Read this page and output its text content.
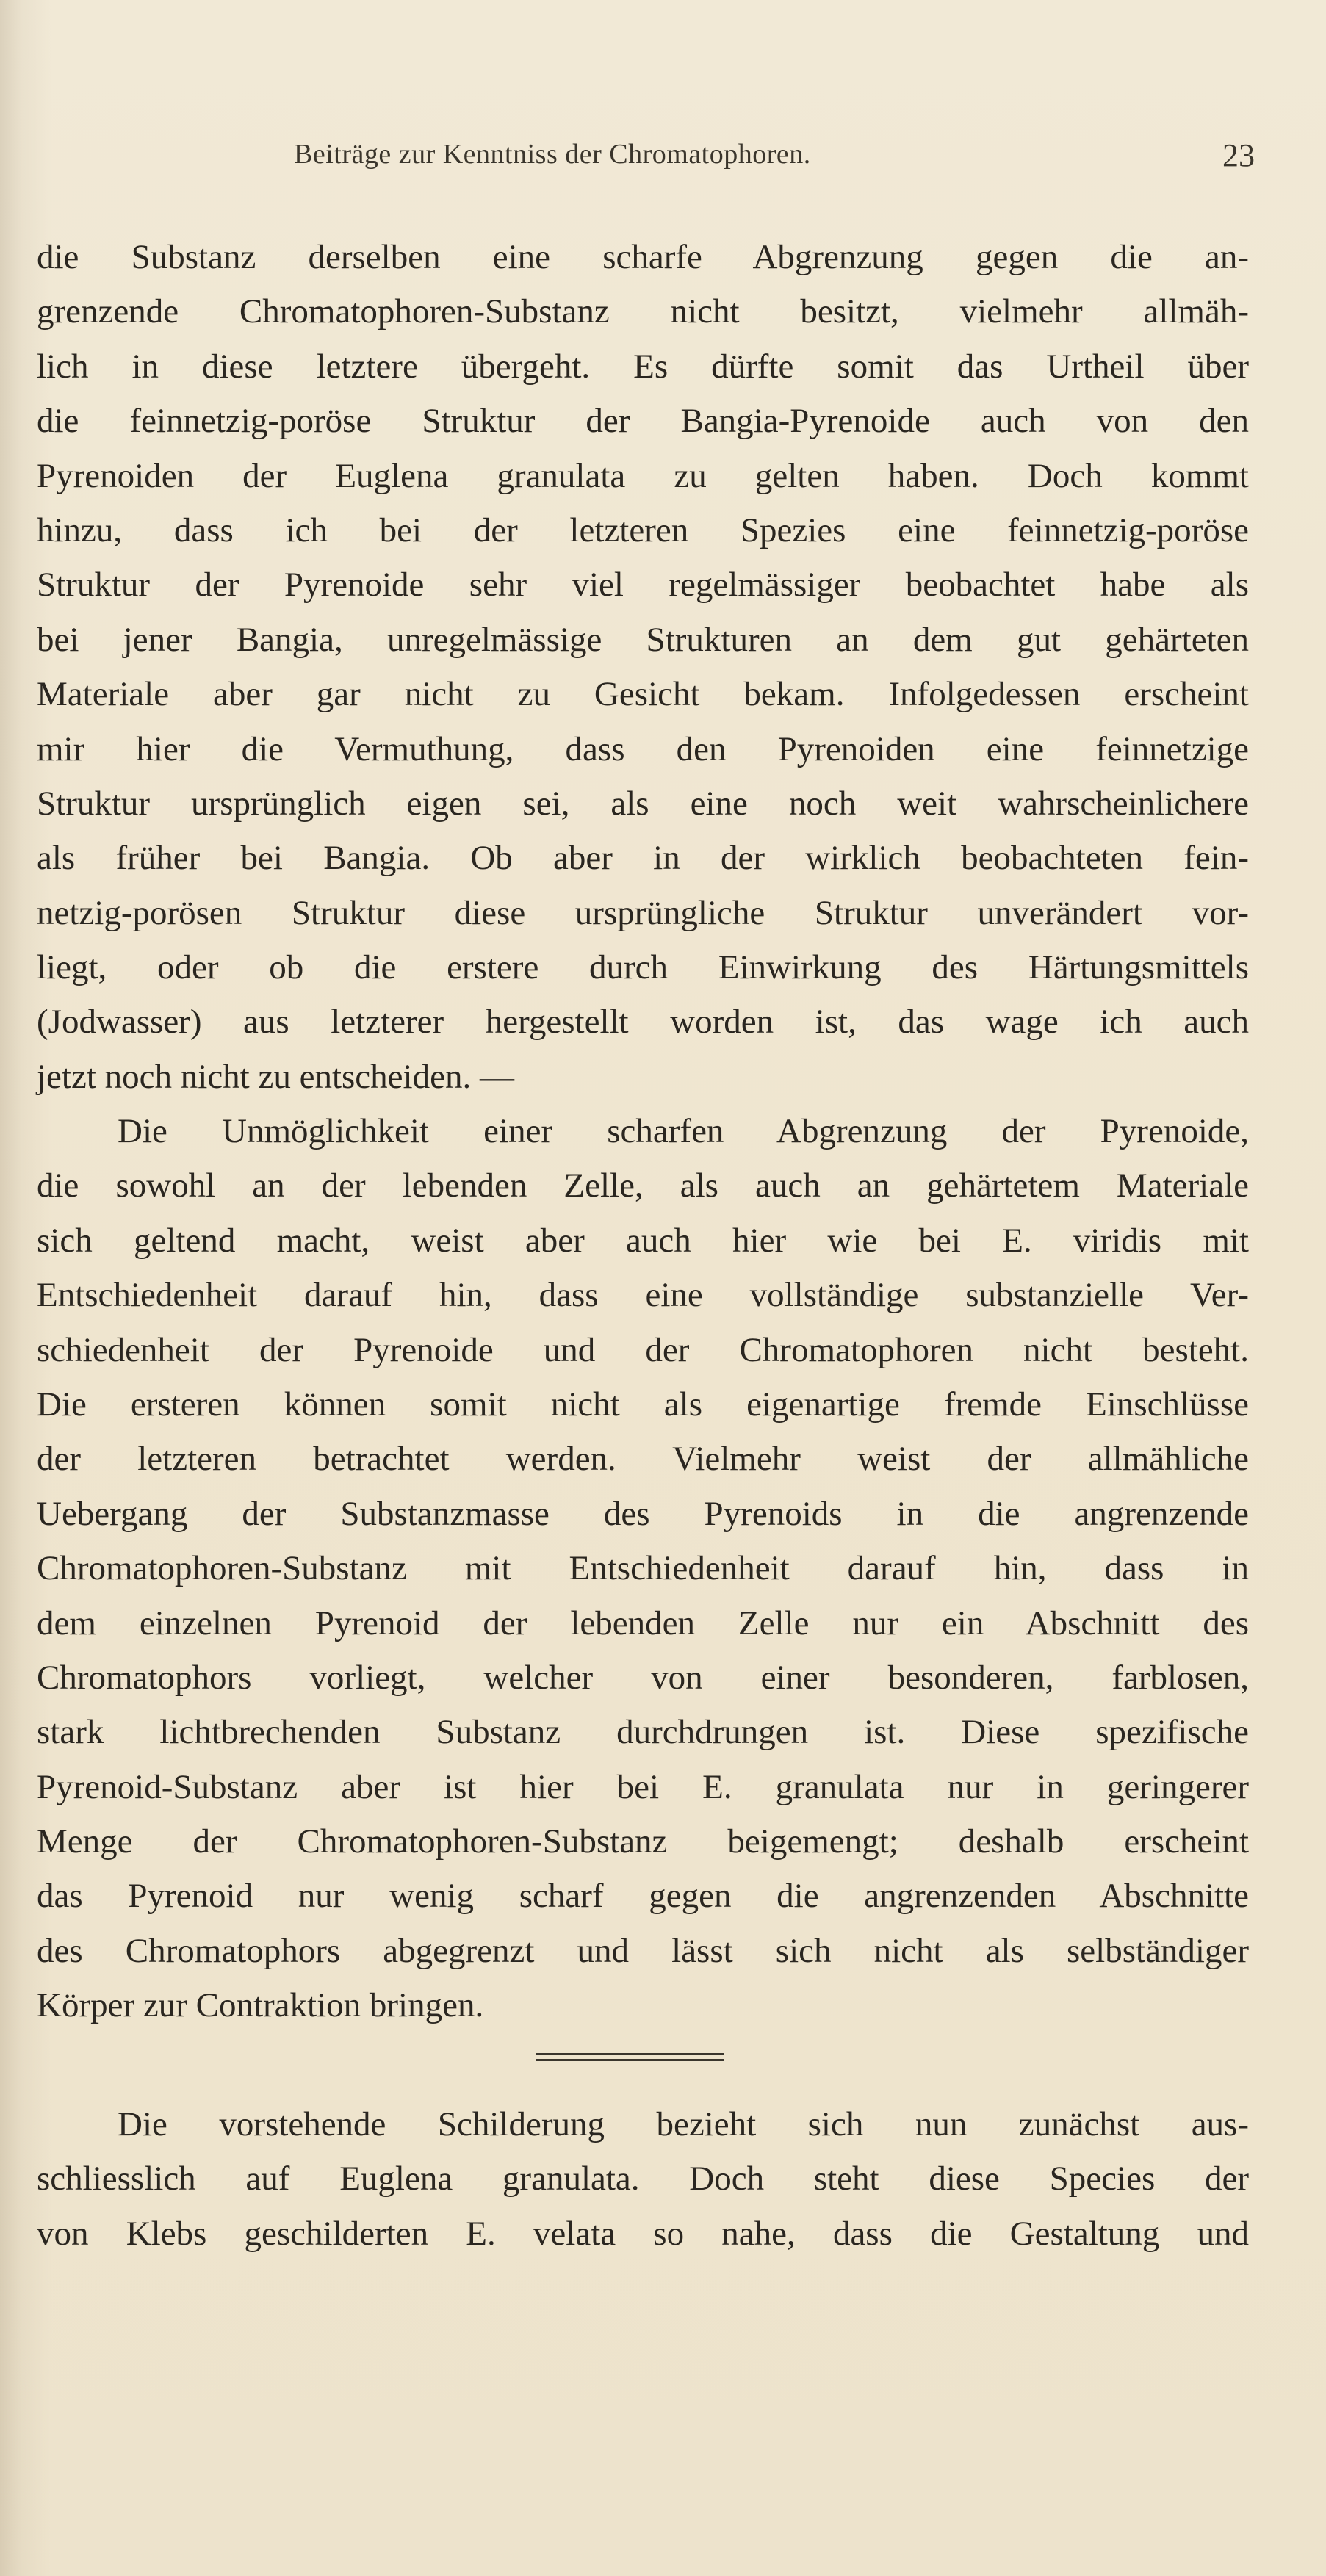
Beiträge zur Kenntniss der Chromatophoren.	23
die Substanz derselben eine scharfe Abgrenzung gegen die an-
grenzende Chromatophoren-Substanz nicht besitzt, vielmehr allmäh-
lich in diese letztere übergeht. Es dürfte somit das Urtheil über
die feinnetzig-poröse Struktur der Bangia-Pyrenoide auch von den
Pyrenoiden der Euglena granulata zu gelten haben. Doch kommt
hinzu, dass ich bei der letzteren Spezies eine feinnetzig-poröse
Struktur der Pyrenoide sehr viel regelmässiger beobachtet habe als
bei jener Bangia, unregelmässige Strukturen an dem gut gehärteten
Materiale aber gar nicht zu Gesicht bekam. Infolgedessen erscheint
mir hier die Vermuthung, dass den Pyrenoiden eine feinnetzige
Struktur ursprünglich eigen sei, als eine noch weit wahrscheinlichere
als früher bei Bangia. Ob aber in der wirklich beobachteten fein-
netzig-porösen Struktur diese ursprüngliche Struktur unverändert vor-
liegt, oder ob die erstere durch Einwirkung des Härtungsmittels
(Jodwasser) aus letzterer hergestellt worden ist, das wage ich auch
jetzt noch nicht zu entscheiden. —
Die Unmöglichkeit einer scharfen Abgrenzung der Pyrenoide,
die sowohl an der lebenden Zelle, als auch an gehärtetem Materiale
sich geltend macht, weist aber auch hier wie bei E. viridis mit
Entschiedenheit darauf hin, dass eine vollständige substanzielle Ver-
schiedenheit der Pyrenoide und der Chromatophoren nicht besteht.
Die ersteren können somit nicht als eigenartige fremde Einschlüsse
der letzteren betrachtet werden. Vielmehr weist der allmähliche
Uebergang der Substanzmasse des Pyrenoids in die angrenzende
Chromatophoren-Substanz mit Entschiedenheit darauf hin, dass in
dem einzelnen Pyrenoid der lebenden Zelle nur ein Abschnitt des
Chromatophors vorliegt, welcher von einer besonderen, farblosen,
stark lichtbrechenden Substanz durchdrungen ist. Diese spezifische
Pyrenoid-Substanz aber ist hier bei E. granulata nur in geringerer
Menge der Chromatophoren-Substanz beigemengt; deshalb erscheint
das Pyrenoid nur wenig scharf gegen die angrenzenden Abschnitte
des Chromatophors abgegrenzt und lässt sich nicht als selbständiger
Körper zur Contraktion bringen.
Die vorstehende Schilderung bezieht sich nun zunächst aus-
schliesslich auf Euglena granulata. Doch steht diese Species der
von Klebs geschilderten E. velata so nahe, dass die Gestaltung und
